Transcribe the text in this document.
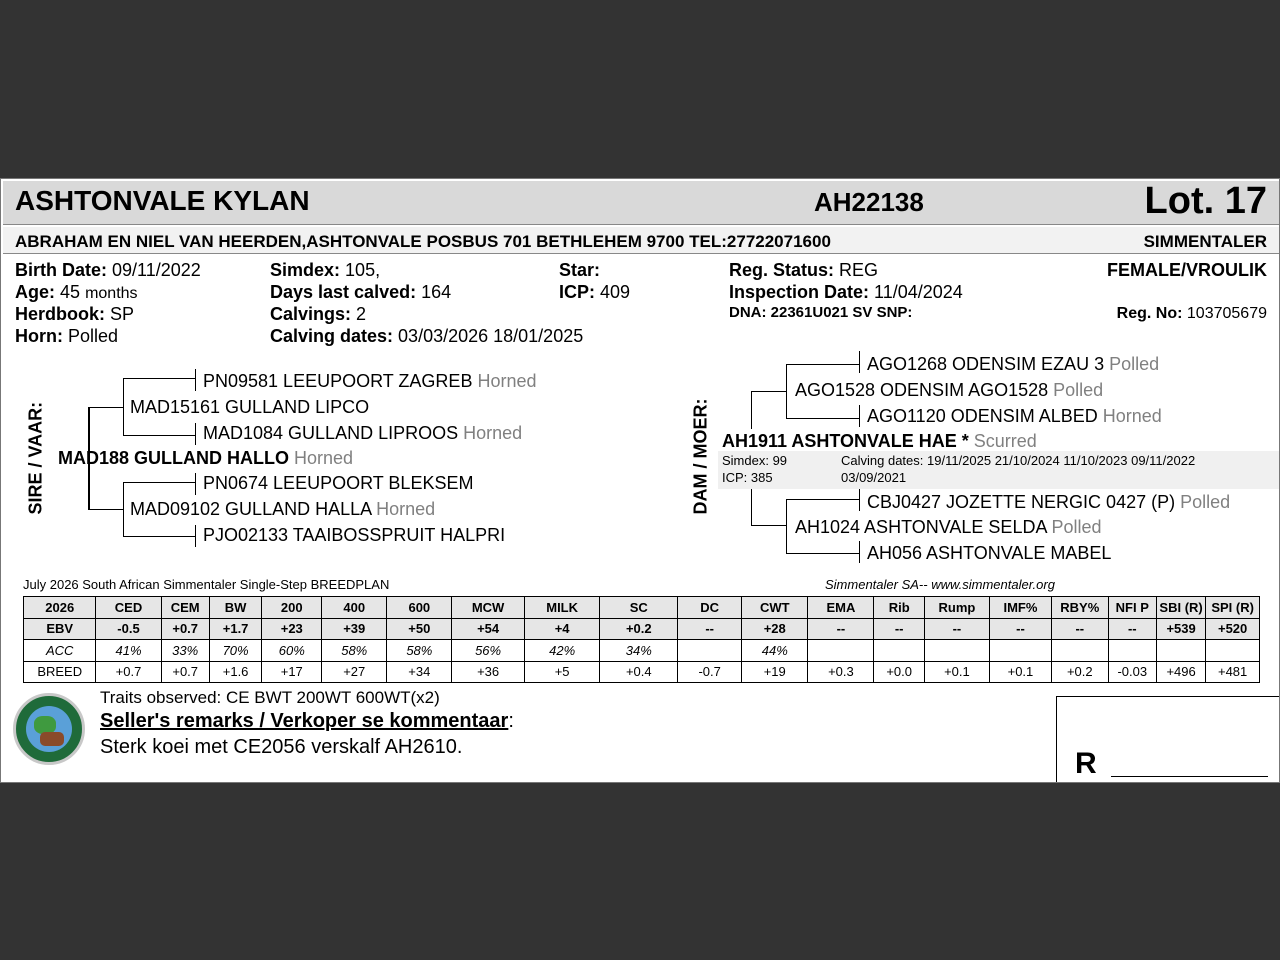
ASHTONVALE KYLAN	AH22138	Lot. 17
ABRAHAM EN NIEL VAN HEERDEN,ASHTONVALE POSBUS 701 BETHLEHEM 9700 TEL:27722071600	SIMMENTALER
Birth Date: 09/11/2022
Age: 45 months
Herdbook: SP
Horn: Polled
Simdex: 105,
Days last calved: 164
Calvings: 2
Calving dates: 03/03/2026 18/01/2025
Star:
ICP: 409
Reg. Status: REG
Inspection Date: 11/04/2024
DNA: 22361U021 SV SNP:
FEMALE/VROULIK
Reg. No: 103705679
SIRE / VAAR:
PN09581 LEEUPOORT ZAGREB Horned
MAD15161 GULLAND LIPCO
MAD1084 GULLAND LIPROOS Horned
MAD188 GULLAND HALLO Horned
PN0674 LEEUPOORT BLEKSEM
MAD09102 GULLAND HALLA Horned
PJO02133 TAAIBOSSPRUIT HALPRI
DAM / MOER:
AGO1268 ODENSIM EZAU 3 Polled
AGO1528 ODENSIM AGO1528 Polled
AGO1120 ODENSIM ALBED Horned
AH1911 ASHTONVALE HAE * Scurred
Simdex: 99
ICP: 385
Calving dates: 19/11/2025 21/10/2024 11/10/2023 09/11/2022
03/09/2021
CBJ0427 JOZETTE NERGIC 0427 (P) Polled
AH1024 ASHTONVALE SELDA Polled
AH056 ASHTONVALE MABEL
July 2026 South African Simmentaler Single-Step BREEDPLAN	Simmentaler SA-- www.simmentaler.org
2026	CED	CEM	BW	200	400	600	MCW	MILK	SC	DC	CWT	EMA	Rib	Rump	IMF%	RBY%	NFI P	SBI (R)	SPI (R)
EBV	-0.5	+0.7	+1.7	+23	+39	+50	+54	+4	+0.2	--	+28	--	--	--	--	--	--	+539	+520
ACC	41%	33%	70%	60%	58%	58%	56%	42%	34%		44%								
BREED	+0.7	+0.7	+1.6	+17	+27	+34	+36	+5	+0.4	-0.7	+19	+0.3	+0.0	+0.1	+0.1	+0.2	-0.03	+496	+481
Traits observed: CE BWT 200WT 600WT(x2)
Seller's remarks / Verkoper se kommentaar:
Sterk koei met CE2056 verskalf AH2610.	R
